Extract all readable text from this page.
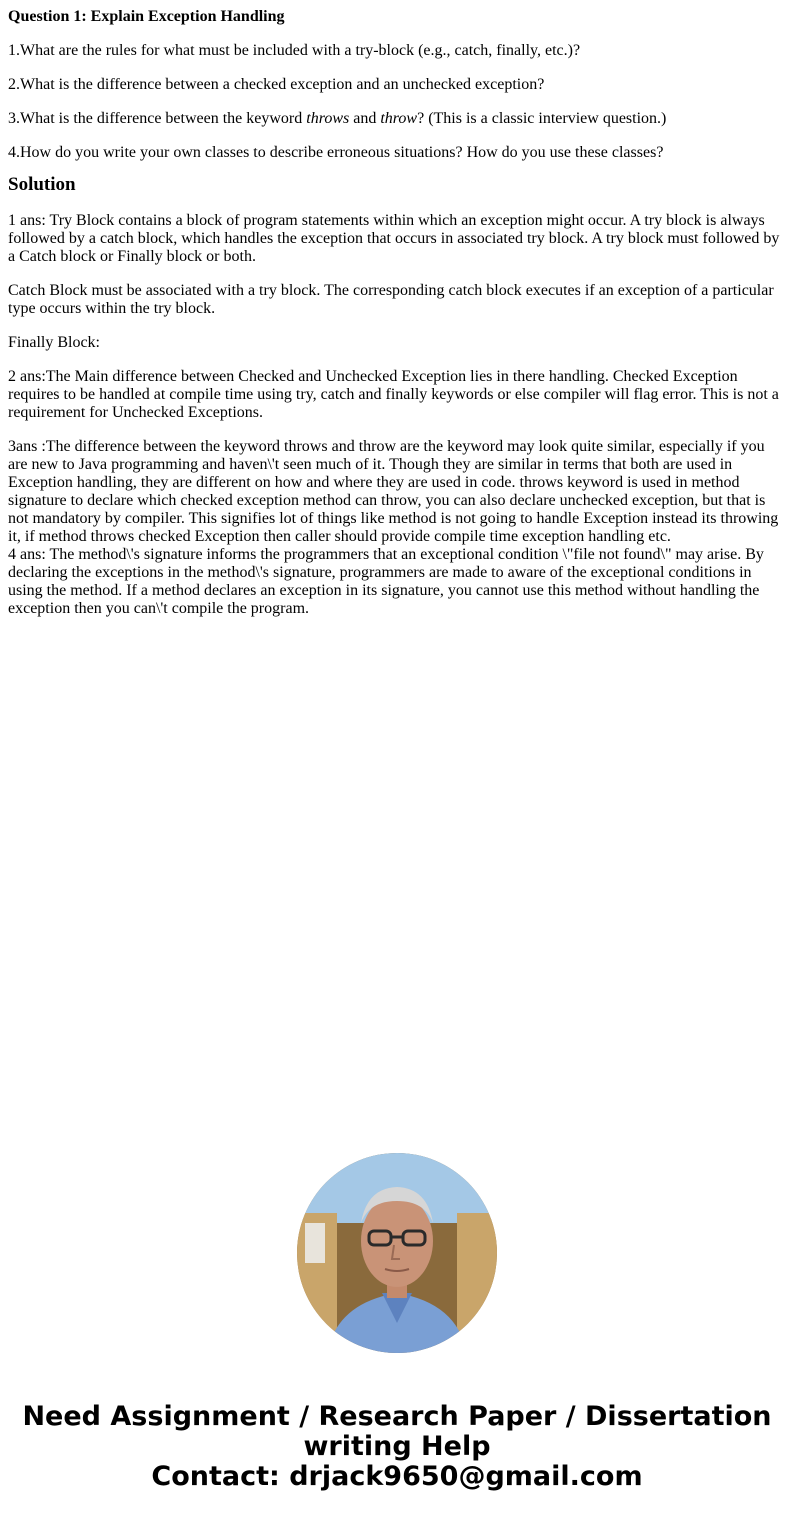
Question 1: Explain Exception Handling

1.What are the rules for what must be included with a try-block (e.g., catch, finally, etc.)?

2.What is the difference between a checked exception and an unchecked exception?

3.What is the difference between the keyword throws and throw? (This is a classic interview question.)

4.How do you write your own classes to describe erroneous situations? How do you use these classes?

Solution

1 ans: Try Block contains a block of program statements within which an exception might occur. A try block is always followed by a catch block, which handles the exception that occurs in associated try block. A try block must followed by a Catch block or Finally block or both.

Catch Block must be associated with a try block. The corresponding catch block executes if an exception of a particular type occurs within the try block.

Finally Block:

2 ans:The Main difference between Checked and Unchecked Exception lies in there handling. Checked Exception requires to be handled at compile time using try, catch and finally keywords or else compiler will flag error. This is not a requirement for Unchecked Exceptions.

3ans :The difference between the keyword throws and throw are the keyword may look quite similar, especially if you are new to Java programming and haven\'t seen much of it. Though they are similar in terms that both are used in Exception handling, they are different on how and where they are used in code. throws keyword is used in method signature to declare which checked exception method can throw, you can also declare unchecked exception, but that is not mandatory by compiler. This signifies lot of things like method is not going to handle Exception instead its throwing it, if method throws checked Exception then caller should provide compile time exception handling etc.

4 ans: The method\'s signature informs the programmers that an exceptional condition \"file not found\" may arise. By declaring the exceptions in the method\'s signature, programmers are made to aware of the exceptional conditions in using the method. If a method declares an exception in its signature, you cannot use this method without handling the exception then you can\'t compile the program.

Need Assignment / Research Paper / Dissertation
writing Help
Contact: drjack9650@gmail.com
